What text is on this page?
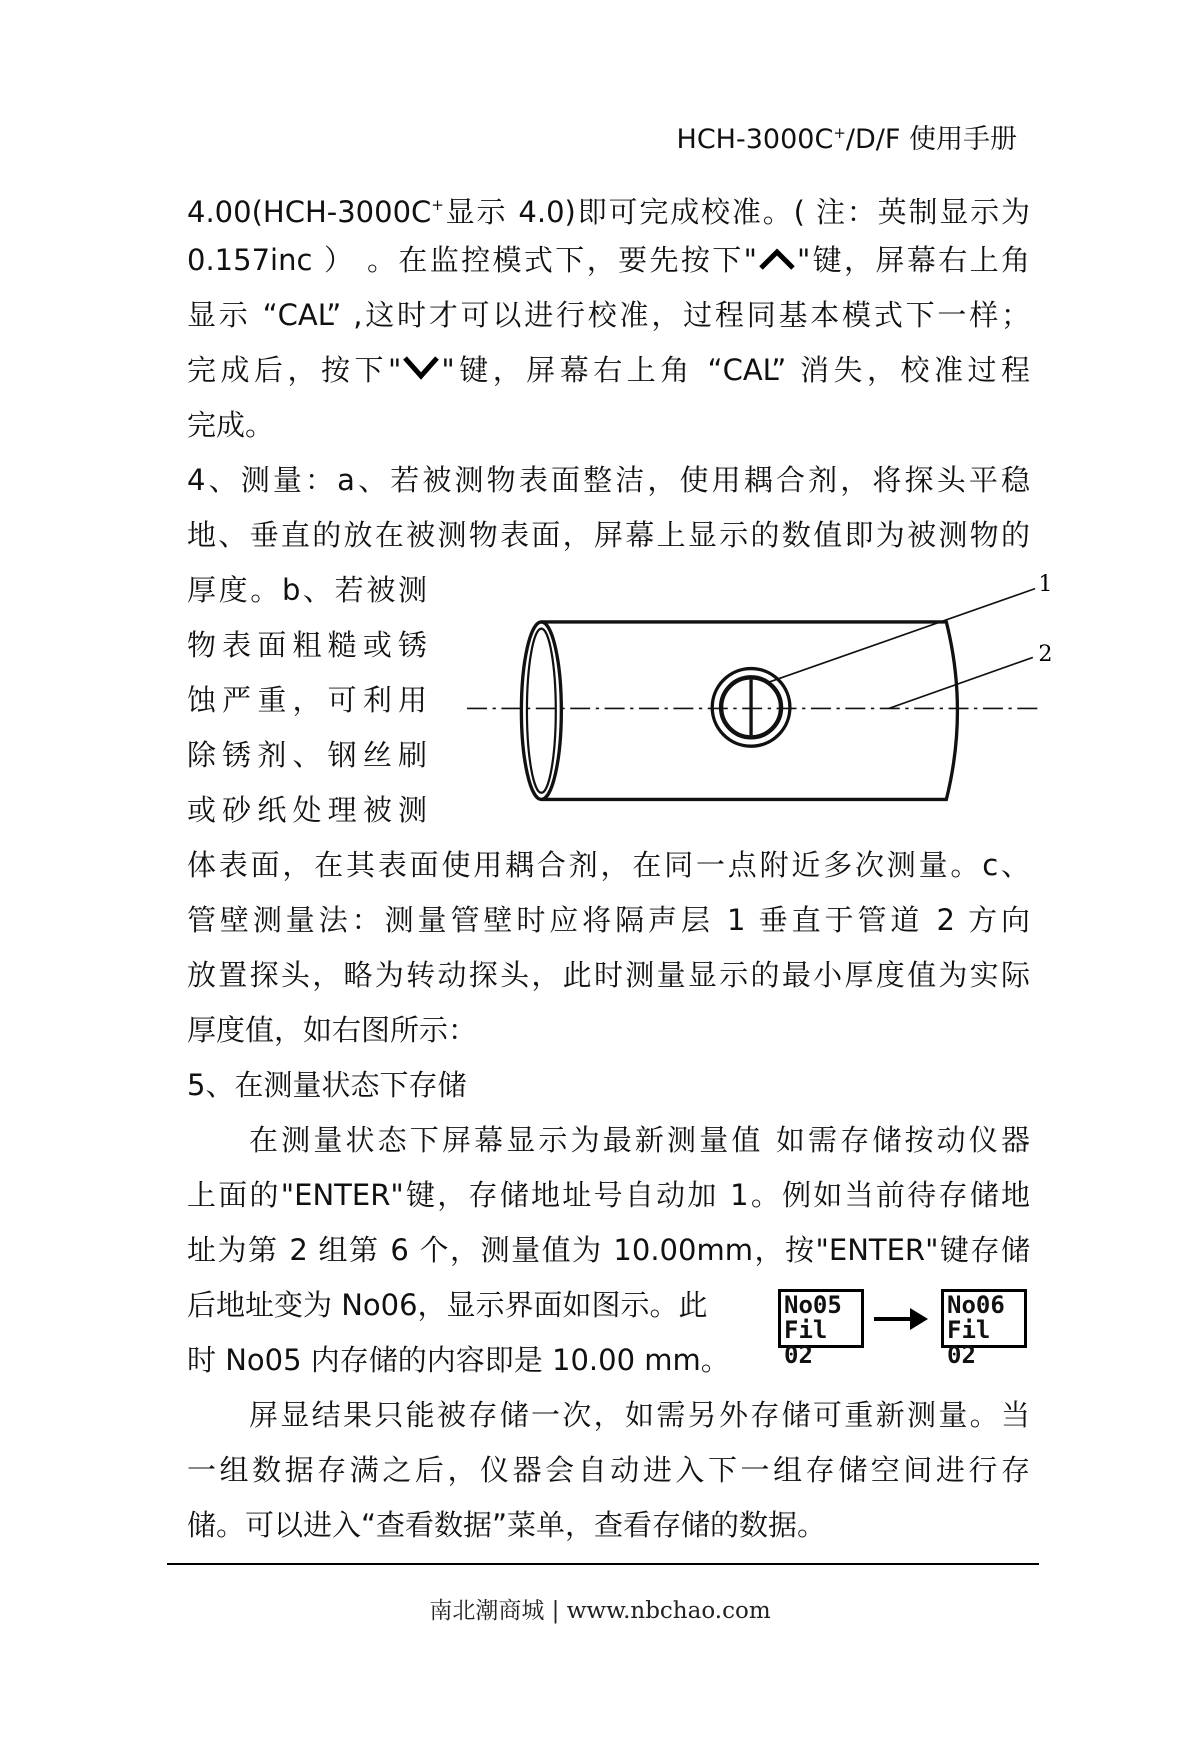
HCH-3000C+/D/F 使用手册
4.00(HCH-3000C+显示 4.0)即可完成校准。( 注：英制显示为
0.157inc ） 。在监控模式下，要先按下" "键，屏幕右上角
显示 “CAL” ,这时才可以进行校准，过程同基本模式下一样；
完成后，按下" "键，屏幕右上角 “CAL” 消失，校准过程
完成。
4、测量：a、若被测物表面整洁，使用耦合剂，将探头平稳
地、垂直的放在被测物表面，屏幕上显示的数值即为被测物的
厚度。b、若被测
物表面粗糙或锈
蚀严重，可利用
除锈剂、钢丝刷
或砂纸处理被测
体表面，在其表面使用耦合剂，在同一点附近多次测量。c、
管壁测量法：测量管壁时应将隔声层 1 垂直于管道 2 方向
放置探头，略为转动探头，此时测量显示的最小厚度值为实际
厚度值，如右图所示：
5、在测量状态下存储
在测量状态下屏幕显示为最新测量值 如需存储按动仪器
上面的"ENTER"键，存储地址号自动加 1。例如当前待存储地
址为第 2 组第 6 个，测量值为 10.00mm，按"ENTER"键存储
后地址变为 No06，显示界面如图示。此
时 No05 内存储的内容即是 10.00 mm。
屏显结果只能被存储一次，如需另外存储可重新测量。当
一组数据存满之后，仪器会自动进入下一组存储空间进行存
储。可以进入“查看数据”菜单，查看存储的数据。
1
2
No05
Fil 02
No06
Fil 02
南北潮商城 | www.nbchao.com
